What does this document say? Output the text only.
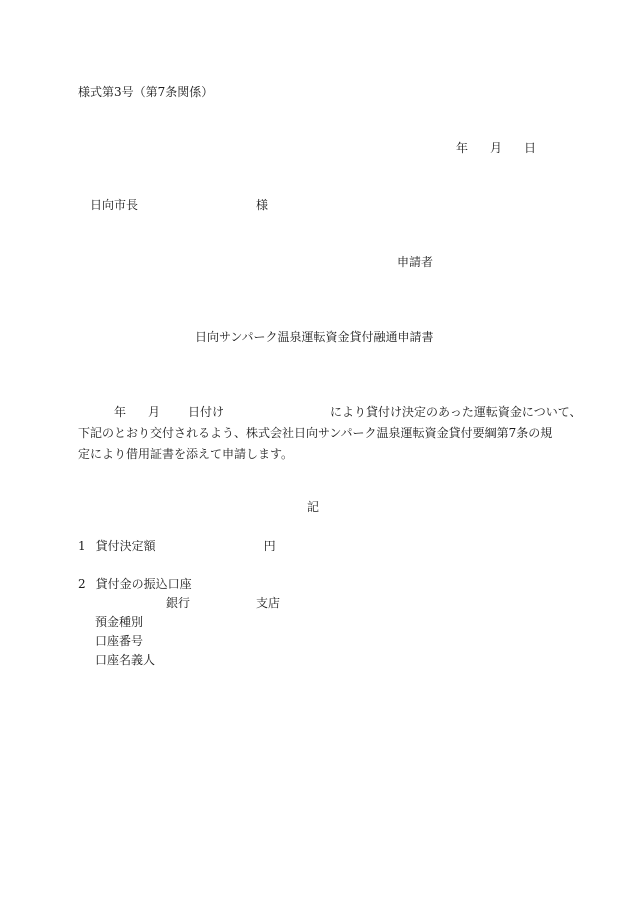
様式第3号（第7条関係）
年 月 日
日向市長	様
申請者
日向サンパーク温泉運転資金貸付融通申請書
年 月 日付け	により貸付け決定のあった運転資金について、
下記のとおり交付されるよう、株式会社日向サンパーク温泉運転資金貸付要綱第7条の規
定により借用証書を添えて申請します。
記
1 貸付決定額	円
2 貸付金の振込口座
銀行	支店
預金種別
口座番号
口座名義人
